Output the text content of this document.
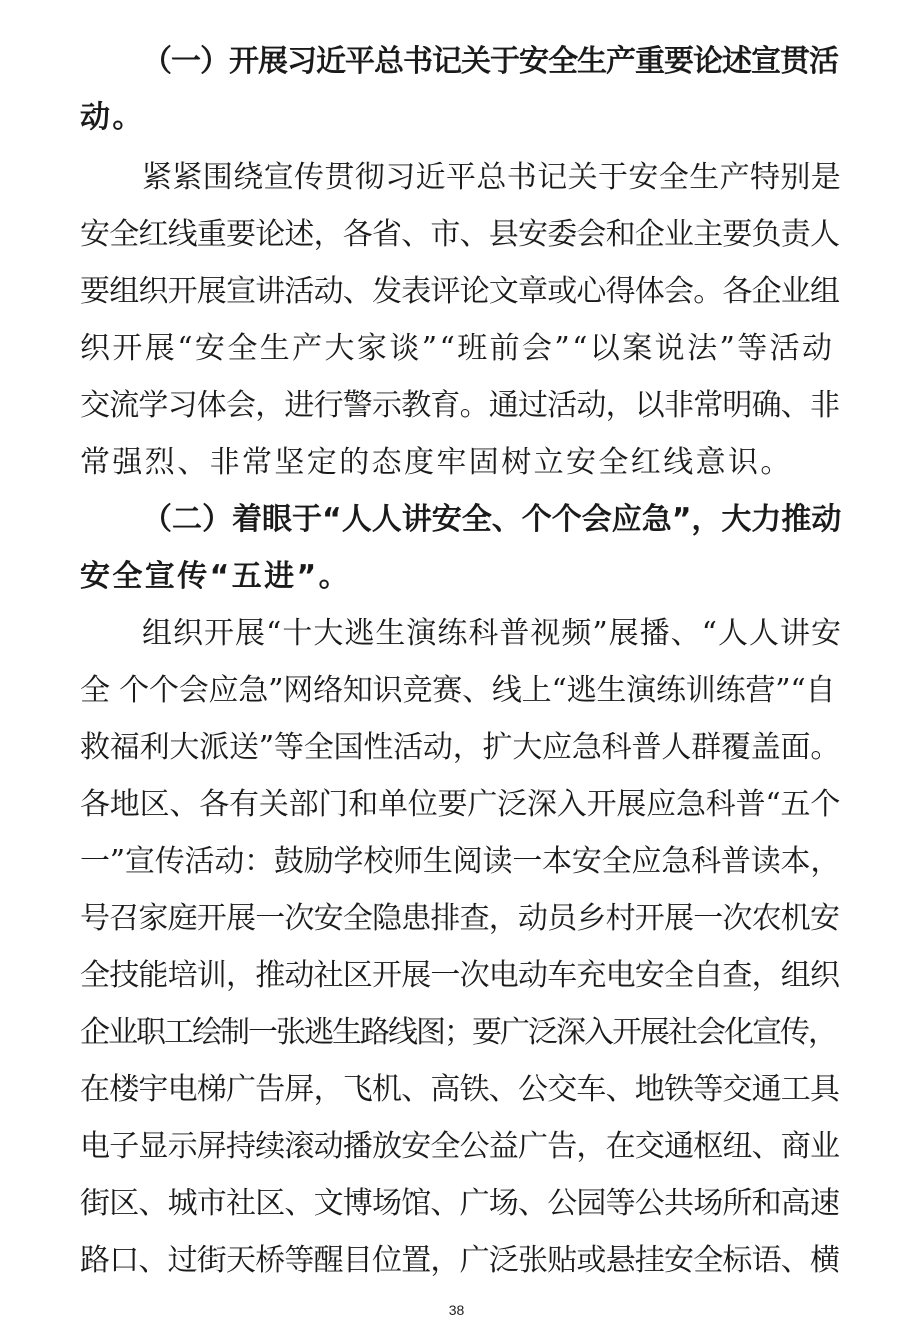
（一）开展习近平总书记关于安全生产重要论述宣贯活
动。
紧紧围绕宣传贯彻习近平总书记关于安全生产特别是
安全红线重要论述，各省、市、县安委会和企业主要负责人
要组织开展宣讲活动、发表评论文章或心得体会。各企业组
织开展“安全生产大家谈”“班前会”“以案说法”等活动
交流学习体会，进行警示教育。通过活动，以非常明确、非
常强烈、非常坚定的态度牢固树立安全红线意识。
（二）着眼于“人人讲安全、个个会应急”，大力推动
安全宣传“五进”。
组织开展“十大逃生演练科普视频”展播、“人人讲安
全 个个会应急”网络知识竞赛、线上“逃生演练训练营”“自
救福利大派送”等全国性活动，扩大应急科普人群覆盖面。
各地区、各有关部门和单位要广泛深入开展应急科普“五个
一”宣传活动：鼓励学校师生阅读一本安全应急科普读本，
号召家庭开展一次安全隐患排查，动员乡村开展一次农机安
全技能培训，推动社区开展一次电动车充电安全自查，组织
企业职工绘制一张逃生路线图；要广泛深入开展社会化宣传，
在楼宇电梯广告屏，飞机、高铁、公交车、地铁等交通工具
电子显示屏持续滚动播放安全公益广告，在交通枢纽、商业
街区、城市社区、文博场馆、广场、公园等公共场所和高速
路口、过街天桥等醒目位置，广泛张贴或悬挂安全标语、横
38
